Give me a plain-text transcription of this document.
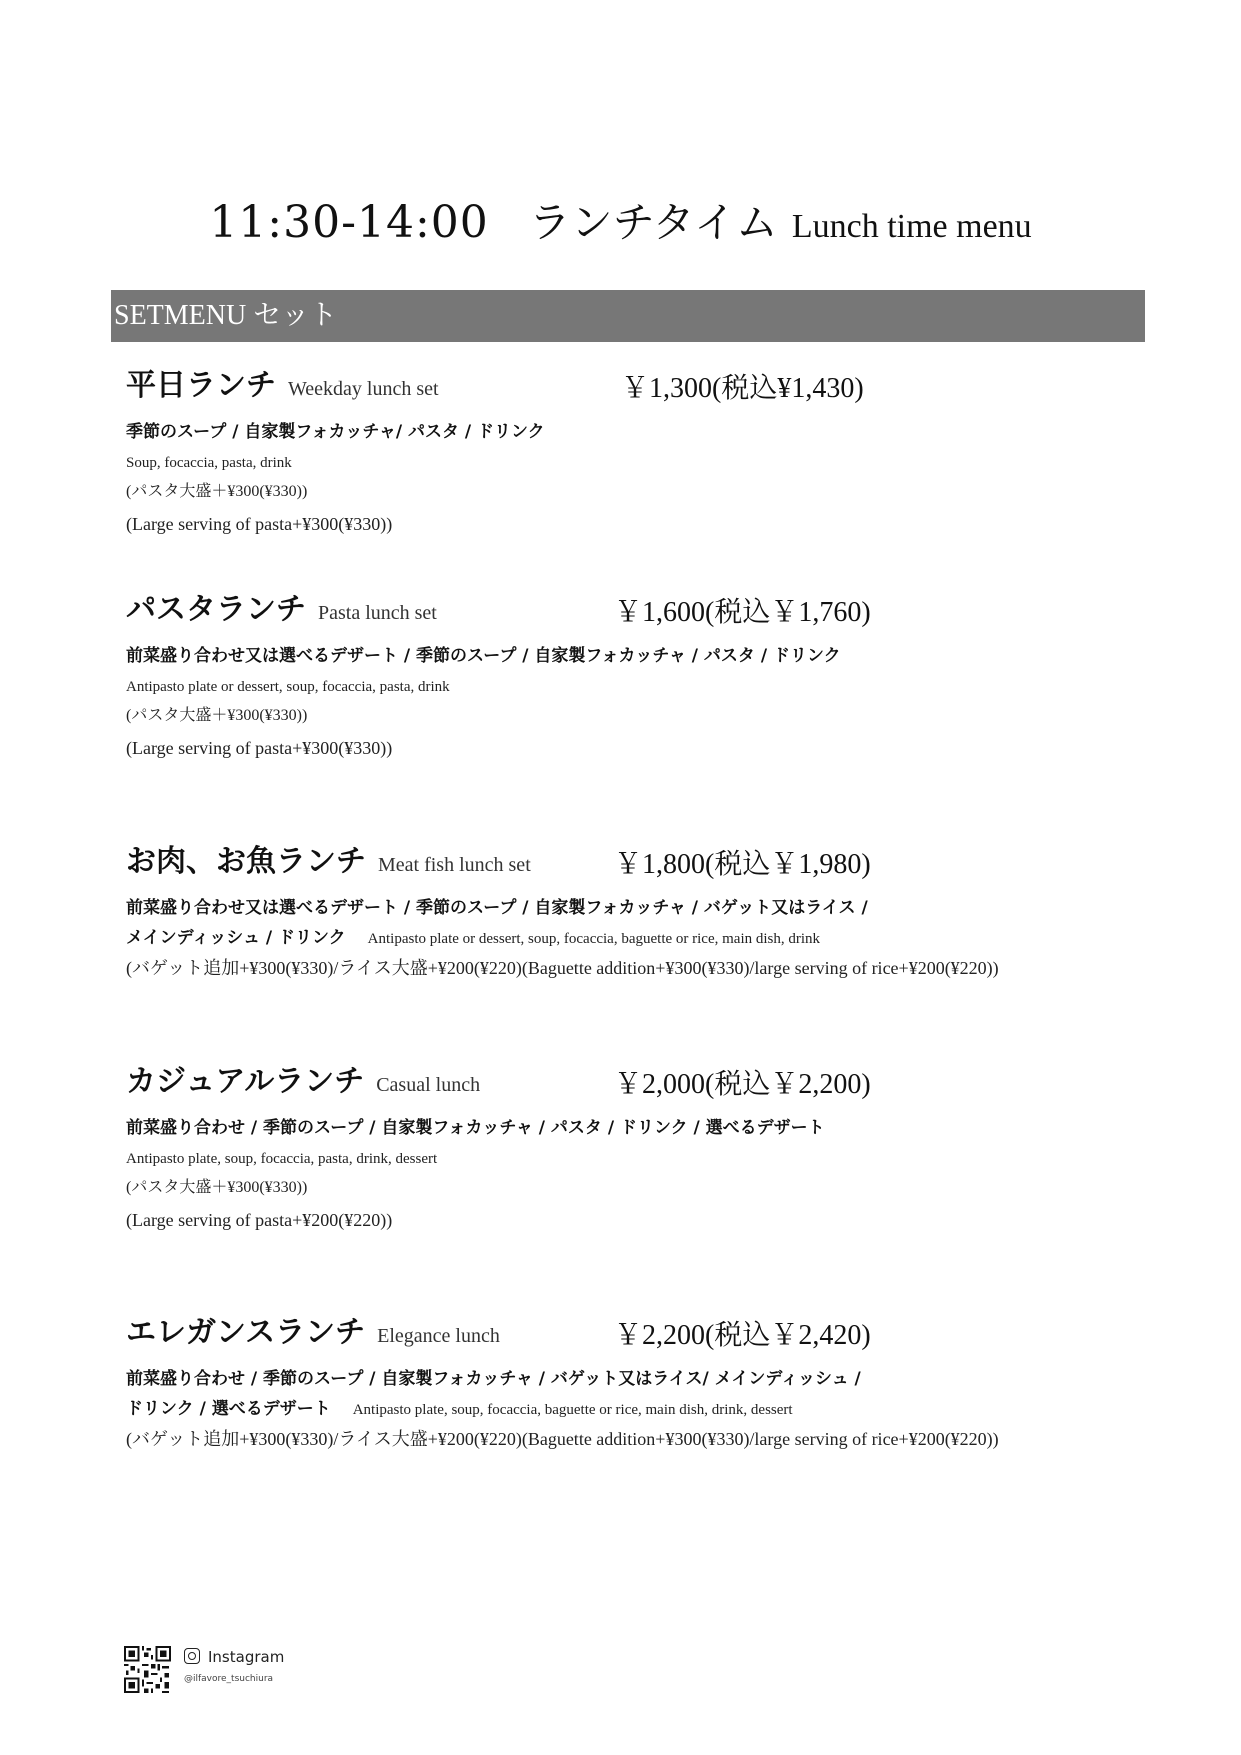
11:30-14:00 ランチタイム Lunch time menu
SETMENU セット
平日ランチ Weekday lunch set	￥1,300(税込¥1,430)
季節のスープ / 自家製フォカッチャ/ パスタ / ドリンク
Soup, focaccia, pasta, drink
(パスタ大盛＋¥300(¥330))
(Large serving of pasta+¥300(¥330))
パスタランチ Pasta lunch set	￥1,600(税込￥1,760)
前菜盛り合わせ又は選べるデザート / 季節のスープ / 自家製フォカッチャ / パスタ / ドリンク
Antipasto plate or dessert, soup, focaccia, pasta, drink
(パスタ大盛＋¥300(¥330))
(Large serving of pasta+¥300(¥330))
お肉、お魚ランチ Meat fish lunch set	￥1,800(税込￥1,980)
前菜盛り合わせ又は選べるデザート / 季節のスープ / 自家製フォカッチャ / バゲット又はライス /
メインディッシュ / ドリンク Antipasto plate or dessert, soup, focaccia, baguette or rice, main dish, drink
(バゲット追加+¥300(¥330)/ライス大盛+¥200(¥220)(Baguette addition+¥300(¥330)/large serving of rice+¥200(¥220))
カジュアルランチ Casual lunch	￥2,000(税込￥2,200)
前菜盛り合わせ / 季節のスープ / 自家製フォカッチャ / パスタ / ドリンク / 選べるデザート
Antipasto plate, soup, focaccia, pasta, drink, dessert
(パスタ大盛＋¥300(¥330))
(Large serving of pasta+¥200(¥220))
エレガンスランチ Elegance lunch	￥2,200(税込￥2,420)
前菜盛り合わせ / 季節のスープ / 自家製フォカッチャ / バゲット又はライス/ メインディッシュ /
ドリンク / 選べるデザート Antipasto plate, soup, focaccia, baguette or rice, main dish, drink, dessert
(バゲット追加+¥300(¥330)/ライス大盛+¥200(¥220)(Baguette addition+¥300(¥330)/large serving of rice+¥200(¥220))
Instagram
@ilfavore_tsuchiura
